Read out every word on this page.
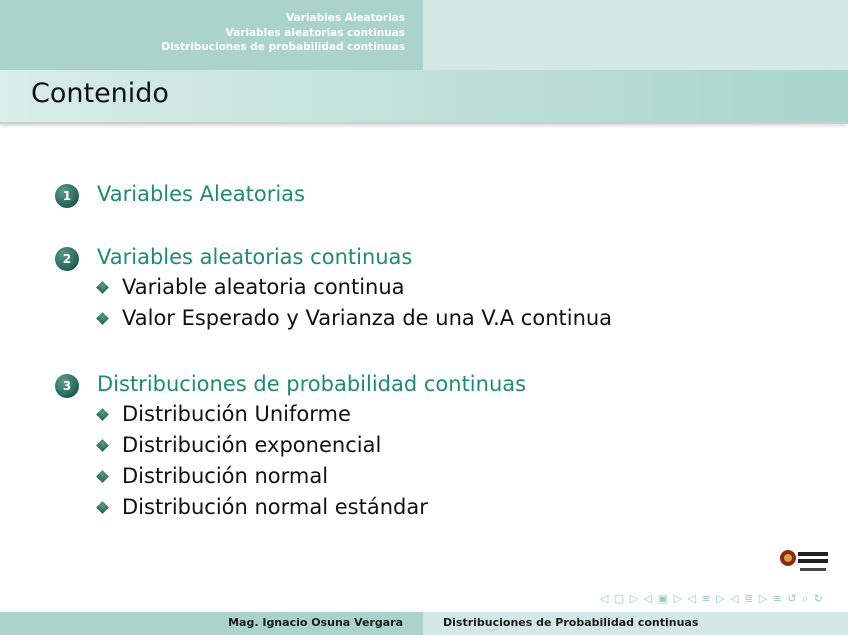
Variables Aleatorias
Variables aleatorias continuas
Distribuciones de probabilidad continuas
Contenido
1	Variables Aleatorias
2	Variables aleatorias continuas
Variable aleatoria continua
Valor Esperado y Varianza de una V.A continua
3	Distribuciones de probabilidad continuas
Distribución Uniforme
Distribución exponencial
Distribución normal
Distribución normal estándar
◁ ▢ ▷ ◁ ▣ ▷ ◁ ≡ ▷ ◁ ≣ ▷ ≡ ↺ ⌕ ↻
Mag. Ignacio Osuna Vergara	Distribuciones de Probabilidad continuas
